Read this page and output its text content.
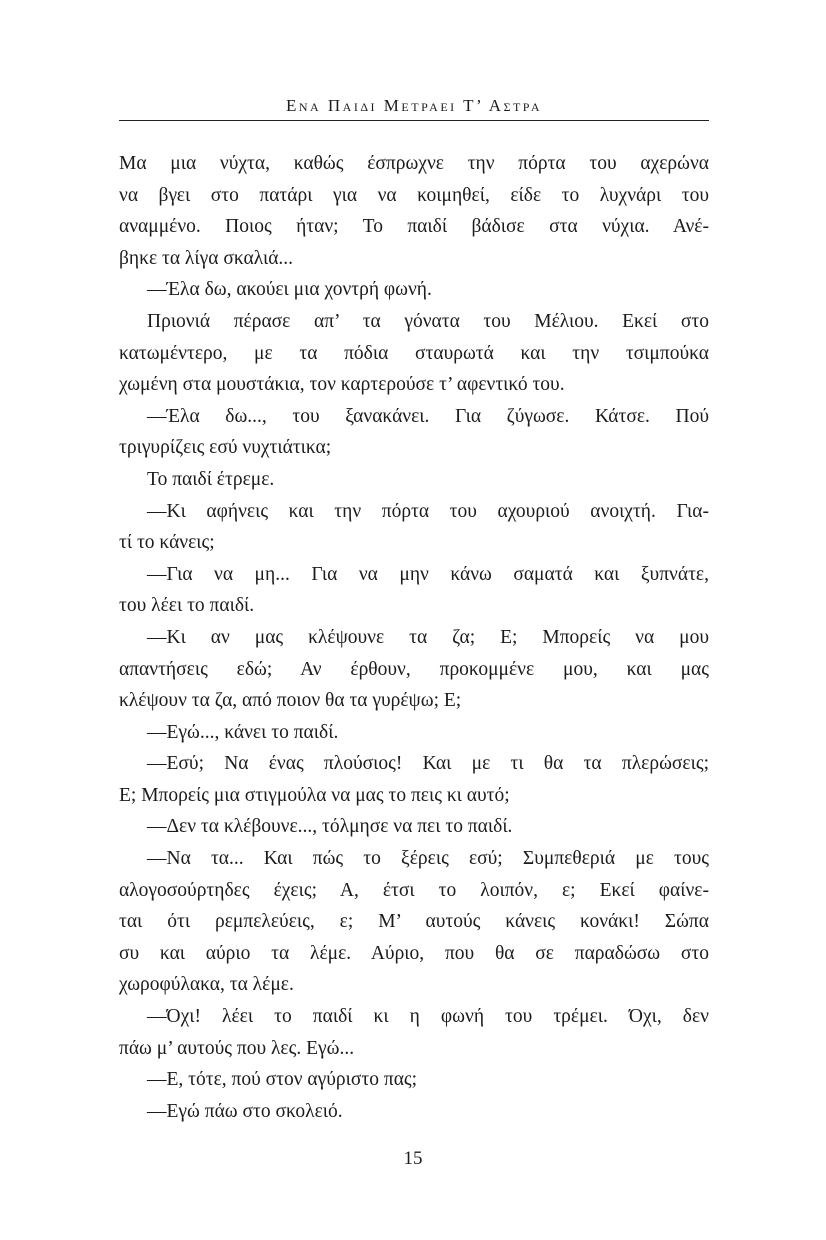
Ενα Παιδι Μετραει Τ’ Αστρα
Μα μια νύχτα, καθώς έσπρωχνε την πόρτα του αχερώνα
να βγει στο πατάρι για να κοιμηθεί, είδε το λυχνάρι του
αναμμένο. Ποιος ήταν; Το παιδί βάδισε στα νύχια. Ανέ-
βηκε τα λίγα σκαλιά...
—Έλα δω, ακούει μια χοντρή φωνή.
Πριονιά πέρασε απ’ τα γόνατα του Μέλιου. Εκεί στο
κατωμέντερο, με τα πόδια σταυρωτά και την τσιμπούκα
χωμένη στα μουστάκια, τον καρτερούσε τ’ αφεντικό του.
—Έλα δω..., του ξανακάνει. Για ζύγωσε. Κάτσε. Πού
τριγυρίζεις εσύ νυχτιάτικα;
Το παιδί έτρεμε.
—Κι αφήνεις και την πόρτα του αχουριού ανοιχτή. Για-
τί το κάνεις;
—Για να μη... Για να μην κάνω σαματά και ξυπνάτε,
του λέει το παιδί.
—Κι αν μας κλέψουνε τα ζα; Ε; Μπορείς να μου
απαντήσεις εδώ; Αν έρθουν, προκομμένε μου, και μας
κλέψουν τα ζα, από ποιον θα τα γυρέψω; Ε;
—Εγώ..., κάνει το παιδί.
—Εσύ; Να ένας πλούσιος! Και με τι θα τα πλερώσεις;
Ε; Μπορείς μια στιγμούλα να μας το πεις κι αυτό;
—Δεν τα κλέβουνε..., τόλμησε να πει το παιδί.
—Να τα... Και πώς το ξέρεις εσύ; Συμπεθεριά με τους
αλογοσούρτηδες έχεις; Α, έτσι το λοιπόν, ε; Εκεί φαίνε-
ται ότι ρεμπελεύεις, ε; Μ’ αυτούς κάνεις κονάκι! Σώπα
συ και αύριο τα λέμε. Αύριο, που θα σε παραδώσω στο
χωροφύλακα, τα λέμε.
—Όχι! λέει το παιδί κι η φωνή του τρέμει. Όχι, δεν
πάω μ’ αυτούς που λες. Εγώ...
—Ε, τότε, πού στον αγύριστο πας;
—Εγώ πάω στο σκολειό.
15
